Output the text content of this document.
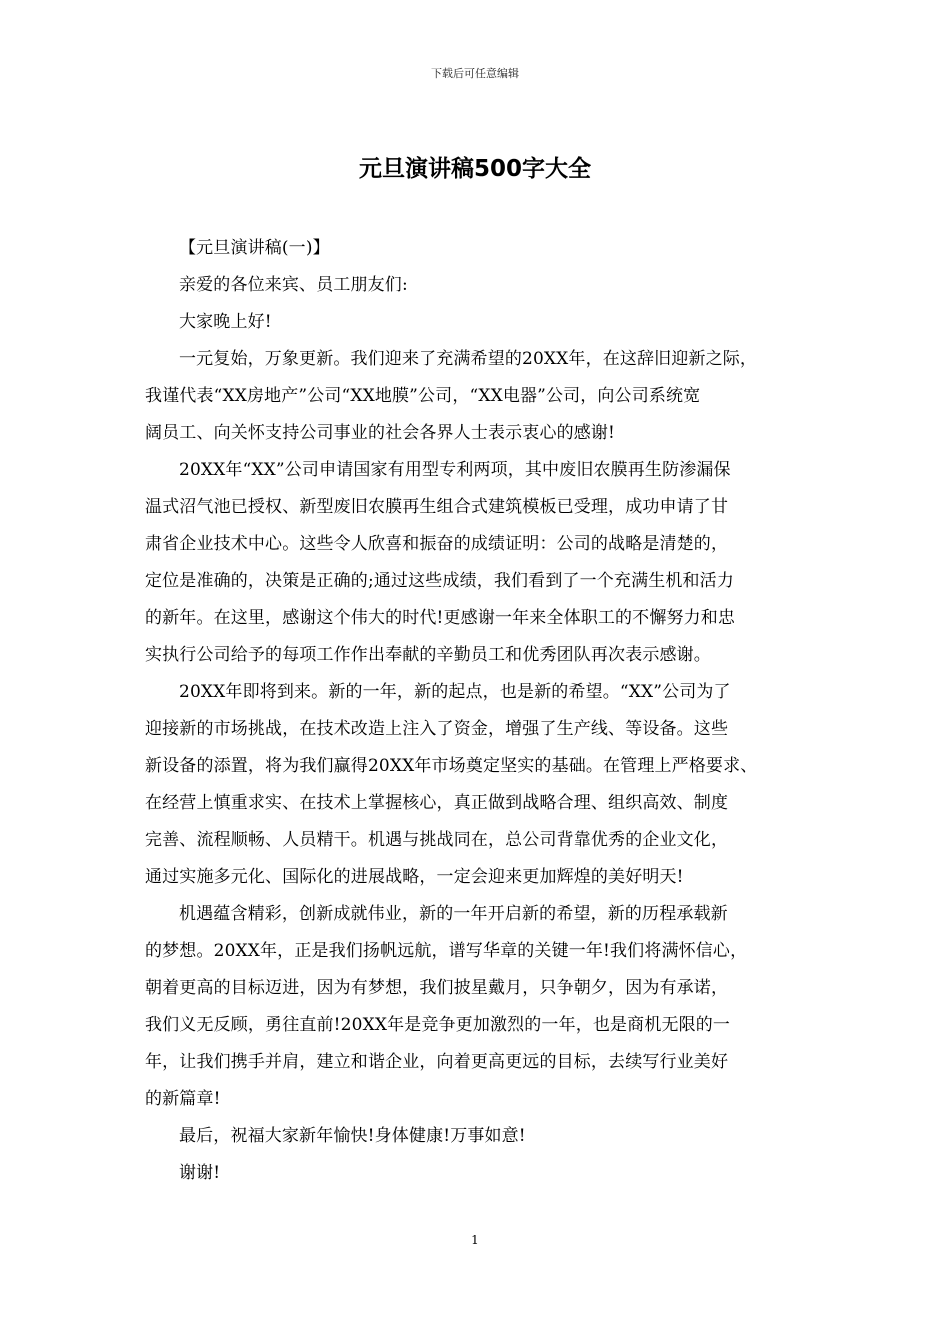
下载后可任意编辑
元旦演讲稿500字大全
【元旦演讲稿(一)】
亲爱的各位来宾、员工朋友们:
大家晚上好!
一元复始，万象更新。我们迎来了充满希望的20XX年，在这辞旧迎新之际，
我谨代表“XX房地产”公司“XX地膜”公司，“XX电器”公司，向公司系统宽
阔员工、向关怀支持公司事业的社会各界人士表示衷心的感谢!
20XX年“XX”公司申请国家有用型专利两项，其中废旧农膜再生防渗漏保
温式沼气池已授权、新型废旧农膜再生组合式建筑模板已受理，成功申请了甘
肃省企业技术中心。这些令人欣喜和振奋的成绩证明：公司的战略是清楚的，
定位是准确的，决策是正确的;通过这些成绩，我们看到了一个充满生机和活力
的新年。在这里，感谢这个伟大的时代!更感谢一年来全体职工的不懈努力和忠
实执行公司给予的每项工作作出奉献的辛勤员工和优秀团队再次表示感谢。
20XX年即将到来。新的一年，新的起点，也是新的希望。“XX”公司为了
迎接新的市场挑战，在技术改造上注入了资金，增强了生产线、等设备。这些
新设备的添置，将为我们赢得20XX年市场奠定坚实的基础。在管理上严格要求、
在经营上慎重求实、在技术上掌握核心，真正做到战略合理、组织高效、制度
完善、流程顺畅、人员精干。机遇与挑战同在，总公司背靠优秀的企业文化，
通过实施多元化、国际化的进展战略，一定会迎来更加辉煌的美好明天!
机遇蕴含精彩，创新成就伟业，新的一年开启新的希望，新的历程承载新
的梦想。20XX年，正是我们扬帆远航，谱写华章的关键一年!我们将满怀信心，
朝着更高的目标迈进，因为有梦想，我们披星戴月，只争朝夕，因为有承诺，
我们义无反顾，勇往直前!20XX年是竞争更加激烈的一年，也是商机无限的一
年，让我们携手并肩，建立和谐企业，向着更高更远的目标，去续写行业美好
的新篇章!
最后，祝福大家新年愉快!身体健康!万事如意!
谢谢!
1
